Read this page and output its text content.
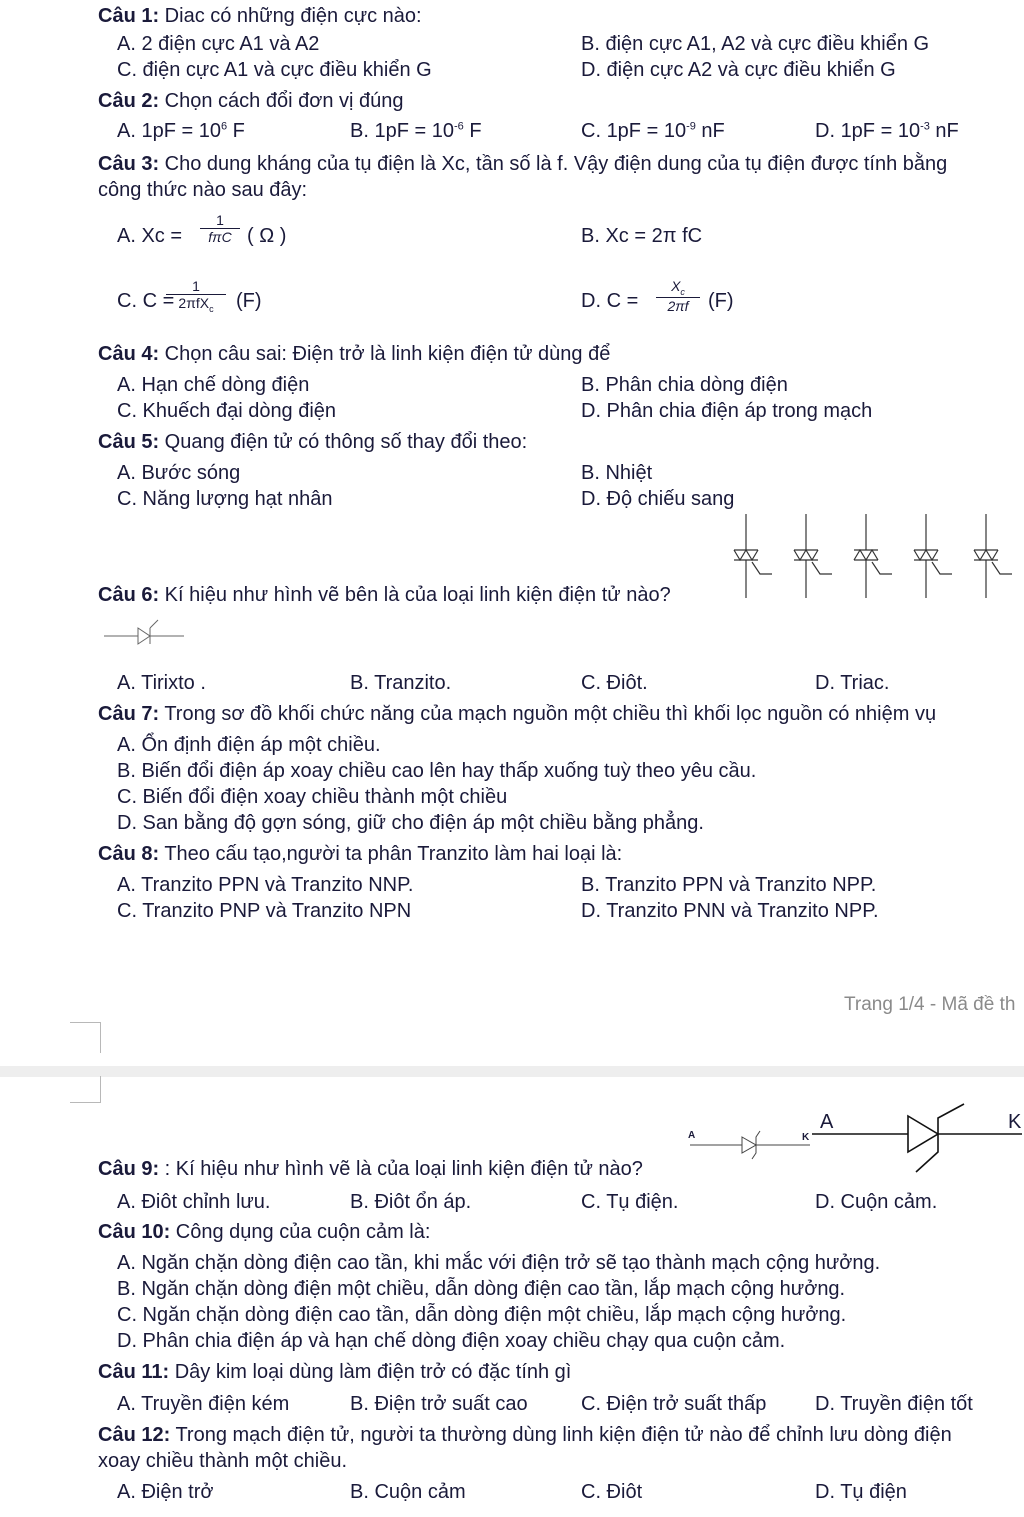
Câu 1: Diac có những điện cực nào:
A. 2 điện cực A1 và A2	B. điện cực A1, A2 và cực điều khiển G
C. điện cực A1 và cực điều khiển G	D. điện cực A2 và cực điều khiển G
Câu 2: Chọn cách đổi đơn vị đúng
A. $1pF = 10^6$ F	B. $1pF = 10^{-6}$ F	C. $1pF = 10^{-9}$ nF	D. $1pF = 10^{-3}$ nF
Câu 3: Cho dung kháng của tụ điện là Xc, tần số là f. Vậy điện dung của tụ điện được tính bằng
công thức nào sau đây:
A. Xc =
1
fπC ( Ω )	B. Xc = 2π fC
C. C =
1
2πfX$_c$	(F)	D. $C = \frac{X_c}{2\pi f} (F)$
Câu 4: Chọn câu sai: Điện trở là linh kiện điện tử dùng để
A. Hạn chế dòng điện	B. Phân chia dòng điện
C. Khuếch đại dòng điện	D. Phân chia điện áp trong mạch
Câu 5: Quang điện tử có thông số thay đổi theo:
A. Bước sóng	B. Nhiệt
C. Năng lượng hạt nhân	D. Độ chiếu sang
Câu 6: Kí hiệu như hình vẽ bên là của loại linh kiện điện tử nào?
A. Tirixto .	B. Tranzito.	C. Điôt.	D. Triac.
Câu 7: Trong sơ đồ khối chức năng của mạch nguồn một chiều thì khối lọc nguồn có nhiệm vụ
A. Ổn định điện áp một chiều.
B. Biến đổi điện áp xoay chiều cao lên hay thấp xuống tuỳ theo yêu cầu.
C. Biến đổi điện xoay chiều thành một chiều
D. San bằng độ gợn sóng, giữ cho điện áp một chiều bằng phẳng.
Câu 8: Theo cấu tạo,người ta phân Tranzito làm hai loại là:
A. Tranzito PPN và Tranzito NNP.	B. Tranzito PPN và Tranzito NPP.
C. Tranzito PNP và Tranzito NPN	D. Tranzito PNN và Tranzito NPP.
Trang 1/4 - Mã đề th
A	K
A	K
Câu 9: : Kí hiệu như hình vẽ là của loại linh kiện điện tử nào?
A. Điôt chỉnh lưu.	B. Điôt ổn áp.	C. Tụ điện.	D. Cuộn cảm.
Câu 10: Công dụng của cuộn cảm là:
A. Ngăn chặn dòng điện cao tần, khi mắc với điện trở sẽ tạo thành mạch cộng hưởng.
B. Ngăn chặn dòng điện một chiều, dẫn dòng điện cao tần, lắp mạch cộng hưởng.
C. Ngăn chặn dòng điện cao tần, dẫn dòng điện một chiều, lắp mạch cộng hưởng.
D. Phân chia điện áp và hạn chế dòng điện xoay chiều chạy qua cuộn cảm.
Câu 11: Dây kim loại dùng làm điện trở có đặc tính gì
A. Truyền điện kém	B. Điện trở suất cao	C. Điện trở suất thấp D. Truyền điện tốt
Câu 12: Trong mạch điện tử, người ta thường dùng linh kiện điện tử nào để chỉnh lưu dòng điện
xoay chiều thành một chiều.
A. Điện trở	B. Cuộn cảm	C. Điôt	D. Tụ điện
